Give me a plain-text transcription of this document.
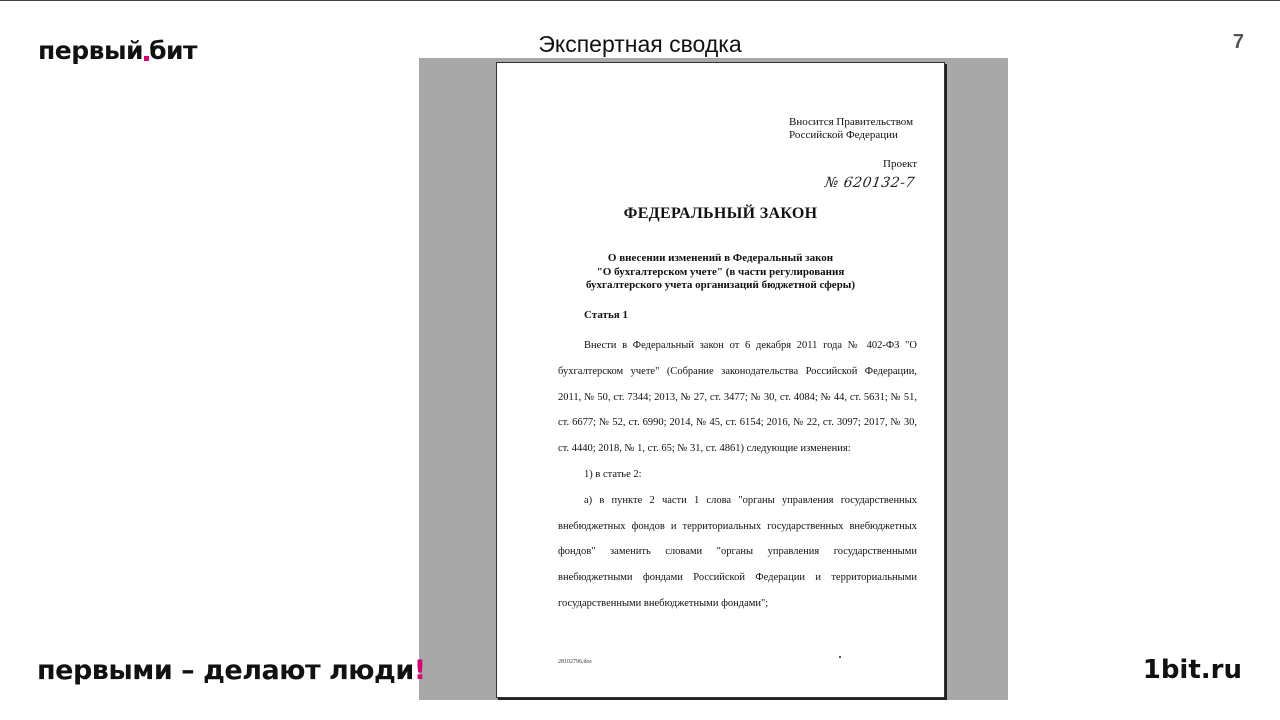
первый бит	Экспертная сводка	7
Вносится Правительством
Российской Федерации
Проект
№ 620132-7
ФЕДЕРАЛЬНЫЙ ЗАКОН
О внесении изменений в Федеральный закон
"О бухгалтерском учете" (в части регулирования
бухгалтерского учета организаций бюджетной сферы)
Статья 1

Внести в Федеральный закон от 6 декабря 2011 года № 402-ФЗ "О бухгалтерском учете" (Собрание законодательства Российской Федерации, 2011, № 50, ст. 7344; 2013, № 27, ст. 3477; № 30, ст. 4084; № 44, ст. 5631; № 51, ст. 6677; № 52, ст. 6990; 2014, № 45, ст. 6154; 2016, № 22, ст. 3097; 2017, № 30, ст. 4440; 2018, № 1, ст. 65; № 31, ст. 4861) следующие изменения:

1) в статье 2:

а) в пункте 2 части 1 слова "органы управления государственных внебюджетных фондов и территориальных государственных внебюджетных фондов" заменить словами "органы управления государственными внебюджетными фондами Российской Федерации и территориальными государственными внебюджетными фондами";

28102796.doc
первыми – делают люди!	1bit.ru
